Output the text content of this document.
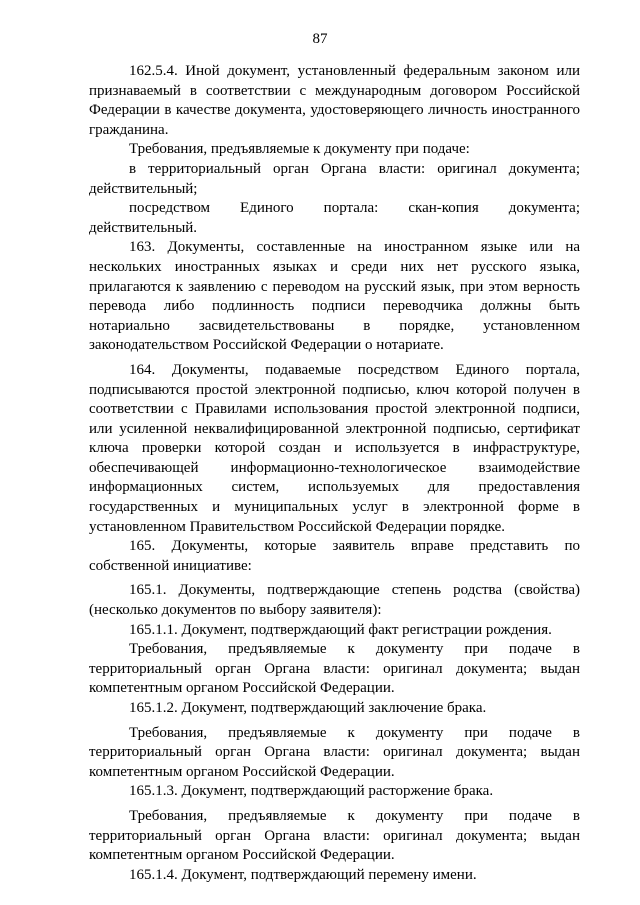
87

162.5.4. Иной документ, установленный федеральным законом или признаваемый в соответствии с международным договором Российской Федерации в качестве документа, удостоверяющего личность иностранного гражданина.

Требования, предъявляемые к документу при подаче:

в территориальный орган Органа власти: оригинал документа; действительный;

посредством Единого портала: скан-копия документа; действительный.

163. Документы, составленные на иностранном языке или на нескольких иностранных языках и среди них нет русского языка, прилагаются к заявлению с переводом на русский язык, при этом верность перевода либо подлинность подписи переводчика должны быть нотариально засвидетельствованы в порядке, установленном законодательством Российской Федерации о нотариате.

164. Документы, подаваемые посредством Единого портала, подписываются простой электронной подписью, ключ которой получен в соответствии с Правилами использования простой электронной подписи, или усиленной неквалифицированной электронной подписью, сертификат ключа проверки которой создан и используется в инфраструктуре, обеспечивающей информационно-технологическое взаимодействие информационных систем, используемых для предоставления государственных и муниципальных услуг в электронной форме в установленном Правительством Российской Федерации порядке.

165. Документы, которые заявитель вправе представить по собственной инициативе:

165.1. Документы, подтверждающие степень родства (свойства) (несколько документов по выбору заявителя):

165.1.1. Документ, подтверждающий факт регистрации рождения.

Требования, предъявляемые к документу при подаче в территориальный орган Органа власти: оригинал документа; выдан компетентным органом Российской Федерации.

165.1.2. Документ, подтверждающий заключение брака.

Требования, предъявляемые к документу при подаче в территориальный орган Органа власти: оригинал документа; выдан компетентным органом Российской Федерации.

165.1.3. Документ, подтверждающий расторжение брака.

Требования, предъявляемые к документу при подаче в территориальный орган Органа власти: оригинал документа; выдан компетентным органом Российской Федерации.

165.1.4. Документ, подтверждающий перемену имени.
